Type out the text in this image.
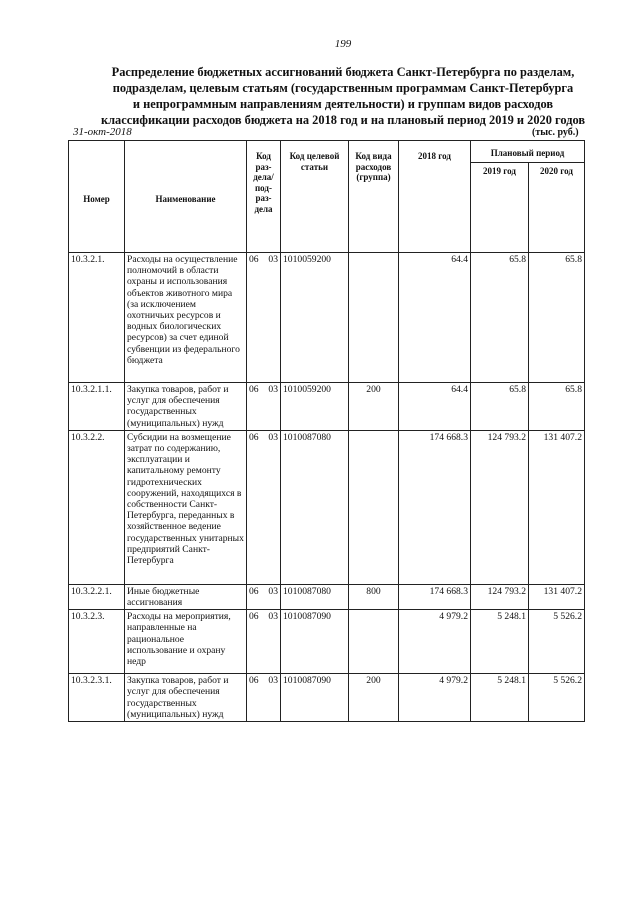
199
Распределение бюджетных ассигнований бюджета Санкт-Петербурга по разделам,
подразделам, целевым статьям (государственным программам Санкт-Петербурга
и непрограммным направлениям деятельности) и группам видов расходов
классификации расходов бюджета на 2018 год и на плановый период 2019 и 2020 годов
31-окт-2018	(тыс. руб.)
Номер	Наименование	Код раз-дела/ под-раз-дела	Код целевой статьи	Код вида расходов (группа)	2018 год	Плановый период	
						2019 год	2020 год
10.3.2.1.	Расходы на осуществление полномочий в области охраны и использования объектов животного мира (за исключением охотничьих ресурсов и водных биологических ресурсов) за счет единой субвенции из федерального бюджета	06 03	1010059200		64.4	65.8	65.8
10.3.2.1.1.	Закупка товаров, работ и услуг для обеспечения государственных (муниципальных) нужд	06 03	1010059200	200	64.4	65.8	65.8
10.3.2.2.	Субсидии на возмещение затрат по содержанию, эксплуатации и капитальному ремонту гидротехнических сооружений, находящихся в собственности Санкт-Петербурга, переданных в хозяйственное ведение государственных унитарных предприятий Санкт-Петербурга	06 03	1010087080		174 668.3	124 793.2	131 407.2
10.3.2.2.1.	Иные бюджетные ассигнования	06 03	1010087080	800	174 668.3	124 793.2	131 407.2
10.3.2.3.	Расходы на мероприятия, направленные на рациональное использование и охрану недр	06 03	1010087090		4 979.2	5 248.1	5 526.2
10.3.2.3.1.	Закупка товаров, работ и услуг для обеспечения государственных (муниципальных) нужд	06 03	1010087090	200	4 979.2	5 248.1	5 526.2
